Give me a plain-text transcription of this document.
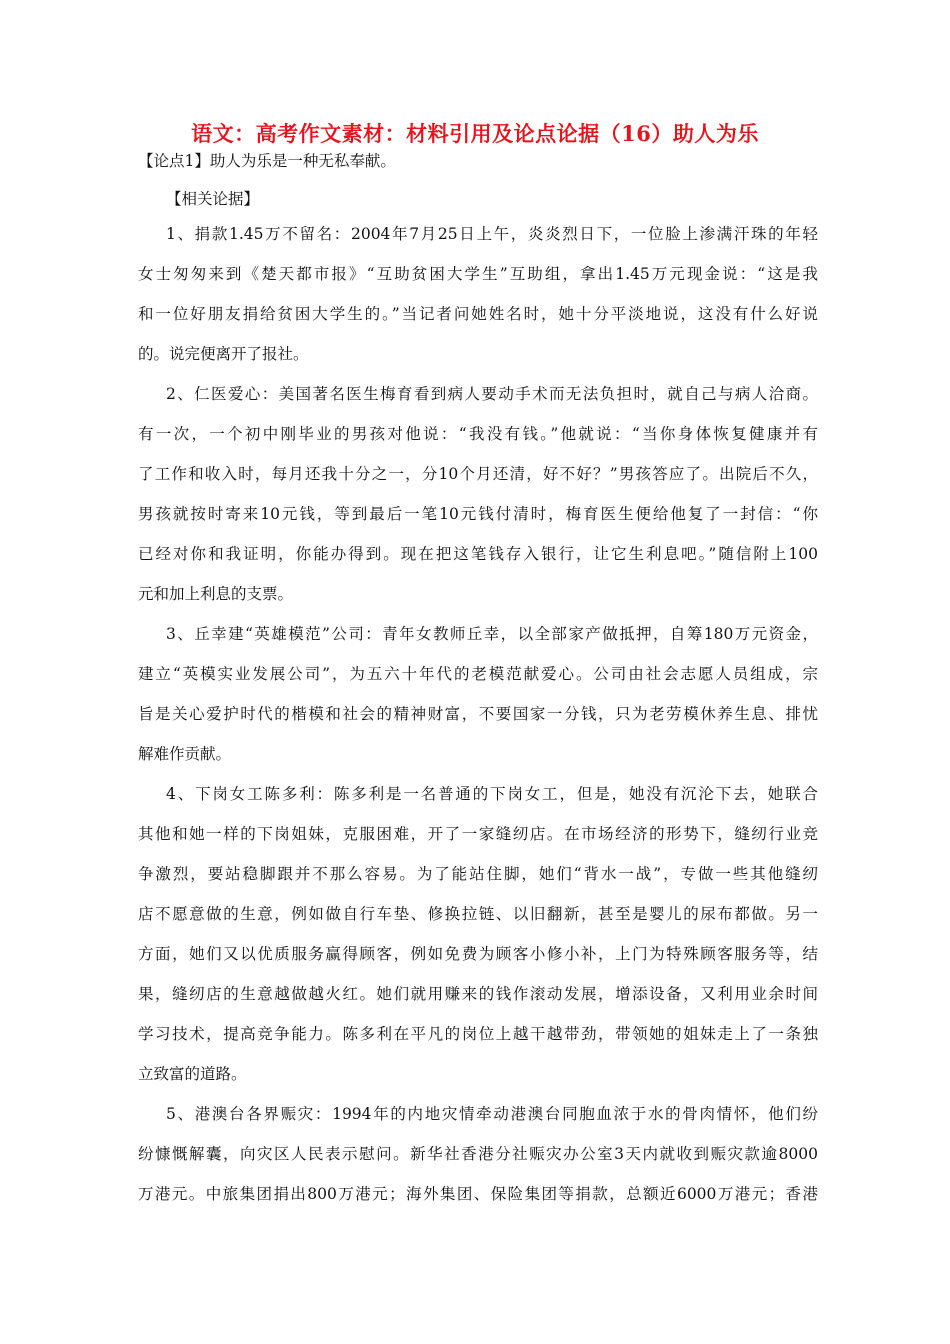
语文：高考作文素材：材料引用及论点论据（16）助人为乐
【论点1】助人为乐是一种无私奉献。
【相关论据】
1、捐款1.45万不留名：2004年7月25日上午，炎炎烈日下，一位脸上渗满汗珠的年轻
女士匆匆来到《楚天都市报》“互助贫困大学生”互助组，拿出1.45万元现金说：“这是我
和一位好朋友捐给贫困大学生的。”当记者问她姓名时，她十分平淡地说，这没有什么好说
的。说完便离开了报社。
2、仁医爱心：美国著名医生梅育看到病人要动手术而无法负担时，就自己与病人洽商。
有一次，一个初中刚毕业的男孩对他说：“我没有钱。”他就说：“当你身体恢复健康并有
了工作和收入时，每月还我十分之一，分10个月还清，好不好？”男孩答应了。出院后不久，
男孩就按时寄来10元钱，等到最后一笔10元钱付清时，梅育医生便给他复了一封信：“你
已经对你和我证明，你能办得到。现在把这笔钱存入银行，让它生利息吧。”随信附上100
元和加上利息的支票。
3、丘幸建“英雄模范”公司：青年女教师丘幸，以全部家产做抵押，自筹180万元资金，
建立“英模实业发展公司”，为五六十年代的老模范献爱心。公司由社会志愿人员组成，宗
旨是关心爱护时代的楷模和社会的精神财富，不要国家一分钱，只为老劳模休养生息、排忧
解难作贡献。
4、下岗女工陈多利：陈多利是一名普通的下岗女工，但是，她没有沉沦下去，她联合
其他和她一样的下岗姐妹，克服困难，开了一家缝纫店。在市场经济的形势下，缝纫行业竞
争激烈，要站稳脚跟并不那么容易。为了能站住脚，她们“背水一战”，专做一些其他缝纫
店不愿意做的生意，例如做自行车垫、修换拉链、以旧翻新，甚至是婴儿的尿布都做。另一
方面，她们又以优质服务赢得顾客，例如免费为顾客小修小补，上门为特殊顾客服务等，结
果，缝纫店的生意越做越火红。她们就用赚来的钱作滚动发展，增添设备，又利用业余时间
学习技术，提高竞争能力。陈多利在平凡的岗位上越干越带劲，带领她的姐妹走上了一条独
立致富的道路。
5、港澳台各界赈灾：1994年的内地灾情牵动港澳台同胞血浓于水的骨肉情怀，他们纷
纷慷慨解囊，向灾区人民表示慰问。新华社香港分社赈灾办公室3天内就收到赈灾款逾8000
万港元。中旅集团捐出800万港元；海外集团、保险集团等捐款，总额近6000万港元；香港
